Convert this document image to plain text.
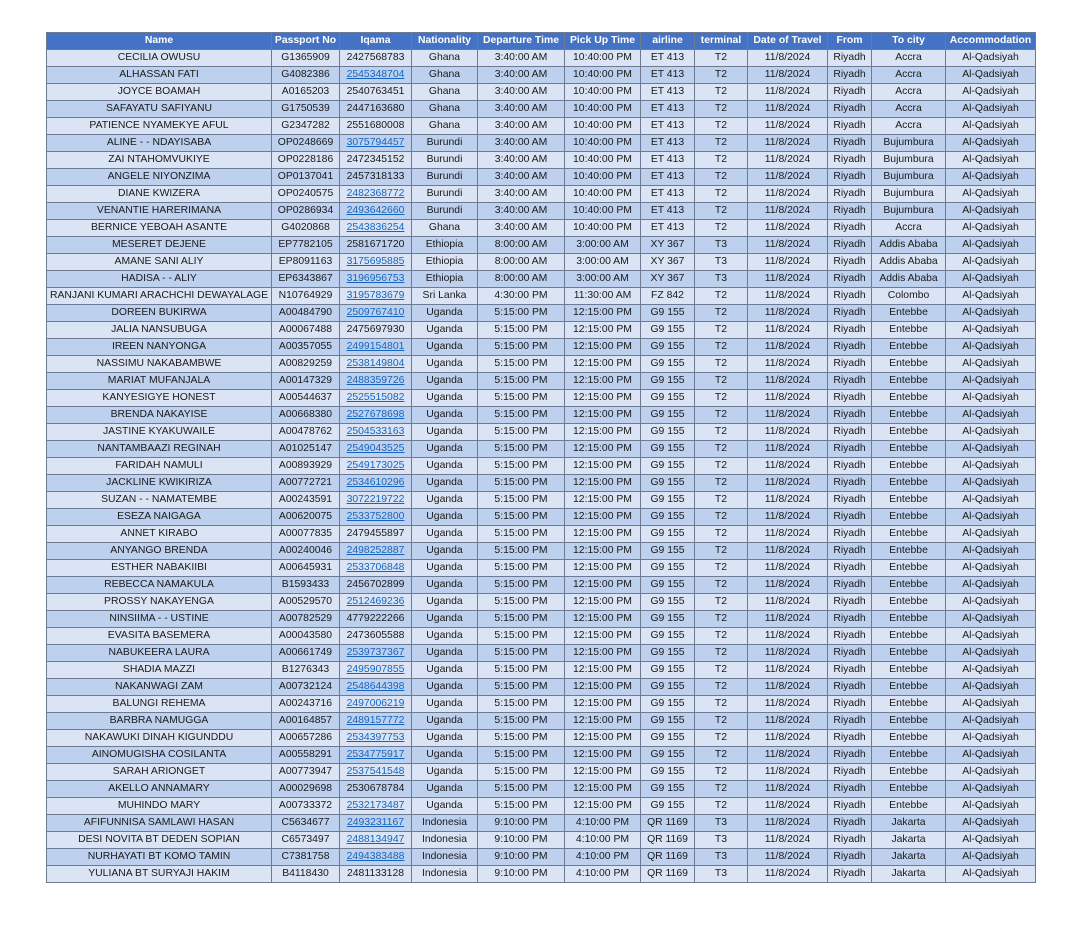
Name	Passport No	Iqama	Nationality	Departure Time	Pick Up Time	airline	terminal	Date of Travel	From	To city	Accommodation
CECILIA OWUSU	G1365909	2427568783	Ghana	3:40:00 AM	10:40:00 PM	ET 413	T2	11/8/2024	Riyadh	Accra	Al-Qadsiyah
ALHASSAN FATI	G4082386	2545348704	Ghana	3:40:00 AM	10:40:00 PM	ET 413	T2	11/8/2024	Riyadh	Accra	Al-Qadsiyah
JOYCE BOAMAH	A0165203	2540763451	Ghana	3:40:00 AM	10:40:00 PM	ET 413	T2	11/8/2024	Riyadh	Accra	Al-Qadsiyah
SAFAYATU SAFIYANU	G1750539	2447163680	Ghana	3:40:00 AM	10:40:00 PM	ET 413	T2	11/8/2024	Riyadh	Accra	Al-Qadsiyah
PATIENCE NYAMEKYE AFUL	G2347282	2551680008	Ghana	3:40:00 AM	10:40:00 PM	ET 413	T2	11/8/2024	Riyadh	Accra	Al-Qadsiyah
ALINE - - NDAYISABA	OP0248669	3075794457	Burundi	3:40:00 AM	10:40:00 PM	ET 413	T2	11/8/2024	Riyadh	Bujumbura	Al-Qadsiyah
ZAI NTAHOMVUKIYE	OP0228186	2472345152	Burundi	3:40:00 AM	10:40:00 PM	ET 413	T2	11/8/2024	Riyadh	Bujumbura	Al-Qadsiyah
ANGELE NIYONZIMA	OP0137041	2457318133	Burundi	3:40:00 AM	10:40:00 PM	ET 413	T2	11/8/2024	Riyadh	Bujumbura	Al-Qadsiyah
DIANE KWIZERA	OP0240575	2482368772	Burundi	3:40:00 AM	10:40:00 PM	ET 413	T2	11/8/2024	Riyadh	Bujumbura	Al-Qadsiyah
VENANTIE HARERIMANA	OP0286934	2493642660	Burundi	3:40:00 AM	10:40:00 PM	ET 413	T2	11/8/2024	Riyadh	Bujumbura	Al-Qadsiyah
BERNICE YEBOAH ASANTE	G4020868	2543836254	Ghana	3:40:00 AM	10:40:00 PM	ET 413	T2	11/8/2024	Riyadh	Accra	Al-Qadsiyah
MESERET DEJENE	EP7782105	2581671720	Ethiopia	8:00:00 AM	3:00:00 AM	XY 367	T3	11/8/2024	Riyadh	Addis Ababa	Al-Qadsiyah
AMANE SANI ALIY	EP8091163	3175695885	Ethiopia	8:00:00 AM	3:00:00 AM	XY 367	T3	11/8/2024	Riyadh	Addis Ababa	Al-Qadsiyah
HADISA - - ALIY	EP6343867	3196956753	Ethiopia	8:00:00 AM	3:00:00 AM	XY 367	T3	11/8/2024	Riyadh	Addis Ababa	Al-Qadsiyah
RANJANI KUMARI ARACHCHI DEWAYALAGE	N10764929	3195783679	Sri Lanka	4:30:00 PM	11:30:00 AM	FZ 842	T2	11/8/2024	Riyadh	Colombo	Al-Qadsiyah
DOREEN BUKIRWA	A00484790	2509767410	Uganda	5:15:00 PM	12:15:00 PM	G9 155	T2	11/8/2024	Riyadh	Entebbe	Al-Qadsiyah
JALIA NANSUBUGA	A00067488	2475697930	Uganda	5:15:00 PM	12:15:00 PM	G9 155	T2	11/8/2024	Riyadh	Entebbe	Al-Qadsiyah
IREEN NANYONGA	A00357055	2499154801	Uganda	5:15:00 PM	12:15:00 PM	G9 155	T2	11/8/2024	Riyadh	Entebbe	Al-Qadsiyah
NASSIMU NAKABAMBWE	A00829259	2538149804	Uganda	5:15:00 PM	12:15:00 PM	G9 155	T2	11/8/2024	Riyadh	Entebbe	Al-Qadsiyah
MARIAT MUFANJALA	A00147329	2488359726	Uganda	5:15:00 PM	12:15:00 PM	G9 155	T2	11/8/2024	Riyadh	Entebbe	Al-Qadsiyah
KANYESIGYE HONEST	A00544637	2525515082	Uganda	5:15:00 PM	12:15:00 PM	G9 155	T2	11/8/2024	Riyadh	Entebbe	Al-Qadsiyah
BRENDA NAKAYISE	A00668380	2527678698	Uganda	5:15:00 PM	12:15:00 PM	G9 155	T2	11/8/2024	Riyadh	Entebbe	Al-Qadsiyah
JASTINE KYAKUWAILE	A00478762	2504533163	Uganda	5:15:00 PM	12:15:00 PM	G9 155	T2	11/8/2024	Riyadh	Entebbe	Al-Qadsiyah
NANTAMBAAZI REGINAH	A01025147	2549043525	Uganda	5:15:00 PM	12:15:00 PM	G9 155	T2	11/8/2024	Riyadh	Entebbe	Al-Qadsiyah
FARIDAH NAMULI	A00893929	2549173025	Uganda	5:15:00 PM	12:15:00 PM	G9 155	T2	11/8/2024	Riyadh	Entebbe	Al-Qadsiyah
JACKLINE KWIKIRIZA	A00772721	2534610296	Uganda	5:15:00 PM	12:15:00 PM	G9 155	T2	11/8/2024	Riyadh	Entebbe	Al-Qadsiyah
SUZAN - - NAMATEMBE	A00243591	3072219722	Uganda	5:15:00 PM	12:15:00 PM	G9 155	T2	11/8/2024	Riyadh	Entebbe	Al-Qadsiyah
ESEZA NAIGAGA	A00620075	2533752800	Uganda	5:15:00 PM	12:15:00 PM	G9 155	T2	11/8/2024	Riyadh	Entebbe	Al-Qadsiyah
ANNET KIRABO	A00077835	2479455897	Uganda	5:15:00 PM	12:15:00 PM	G9 155	T2	11/8/2024	Riyadh	Entebbe	Al-Qadsiyah
ANYANGO BRENDA	A00240046	2498252887	Uganda	5:15:00 PM	12:15:00 PM	G9 155	T2	11/8/2024	Riyadh	Entebbe	Al-Qadsiyah
ESTHER NABAKIIBI	A00645931	2533706848	Uganda	5:15:00 PM	12:15:00 PM	G9 155	T2	11/8/2024	Riyadh	Entebbe	Al-Qadsiyah
REBECCA NAMAKULA	B1593433	2456702899	Uganda	5:15:00 PM	12:15:00 PM	G9 155	T2	11/8/2024	Riyadh	Entebbe	Al-Qadsiyah
PROSSY NAKAYENGA	A00529570	2512469236	Uganda	5:15:00 PM	12:15:00 PM	G9 155	T2	11/8/2024	Riyadh	Entebbe	Al-Qadsiyah
NINSIIMA - - USTINE	A00782529	4779222266	Uganda	5:15:00 PM	12:15:00 PM	G9 155	T2	11/8/2024	Riyadh	Entebbe	Al-Qadsiyah
EVASITA BASEMERA	A00043580	2473605588	Uganda	5:15:00 PM	12:15:00 PM	G9 155	T2	11/8/2024	Riyadh	Entebbe	Al-Qadsiyah
NABUKEERA LAURA	A00661749	2539737367	Uganda	5:15:00 PM	12:15:00 PM	G9 155	T2	11/8/2024	Riyadh	Entebbe	Al-Qadsiyah
SHADIA MAZZI	B1276343	2495907855	Uganda	5:15:00 PM	12:15:00 PM	G9 155	T2	11/8/2024	Riyadh	Entebbe	Al-Qadsiyah
NAKANWAGI ZAM	A00732124	2548644398	Uganda	5:15:00 PM	12:15:00 PM	G9 155	T2	11/8/2024	Riyadh	Entebbe	Al-Qadsiyah
BALUNGI REHEMA	A00243716	2497006219	Uganda	5:15:00 PM	12:15:00 PM	G9 155	T2	11/8/2024	Riyadh	Entebbe	Al-Qadsiyah
BARBRA NAMUGGA	A00164857	2489157772	Uganda	5:15:00 PM	12:15:00 PM	G9 155	T2	11/8/2024	Riyadh	Entebbe	Al-Qadsiyah
NAKAWUKI DINAH KIGUNDDU	A00657286	2534397753	Uganda	5:15:00 PM	12:15:00 PM	G9 155	T2	11/8/2024	Riyadh	Entebbe	Al-Qadsiyah
AINOMUGISHA COSILANTA	A00558291	2534775917	Uganda	5:15:00 PM	12:15:00 PM	G9 155	T2	11/8/2024	Riyadh	Entebbe	Al-Qadsiyah
SARAH ARIONGET	A00773947	2537541548	Uganda	5:15:00 PM	12:15:00 PM	G9 155	T2	11/8/2024	Riyadh	Entebbe	Al-Qadsiyah
AKELLO ANNAMARY	A00029698	2530678784	Uganda	5:15:00 PM	12:15:00 PM	G9 155	T2	11/8/2024	Riyadh	Entebbe	Al-Qadsiyah
MUHINDO MARY	A00733372	2532173487	Uganda	5:15:00 PM	12:15:00 PM	G9 155	T2	11/8/2024	Riyadh	Entebbe	Al-Qadsiyah
AFIFUNNISA SAMLAWI HASAN	C5634677	2493231167	Indonesia	9:10:00 PM	4:10:00 PM	QR 1169	T3	11/8/2024	Riyadh	Jakarta	Al-Qadsiyah
DESI NOVITA BT DEDEN SOPIAN	C6573497	2488134947	Indonesia	9:10:00 PM	4:10:00 PM	QR 1169	T3	11/8/2024	Riyadh	Jakarta	Al-Qadsiyah
NURHAYATI BT KOMO TAMIN	C7381758	2494383488	Indonesia	9:10:00 PM	4:10:00 PM	QR 1169	T3	11/8/2024	Riyadh	Jakarta	Al-Qadsiyah
YULIANA BT SURYAJI HAKIM	B4118430	2481133128	Indonesia	9:10:00 PM	4:10:00 PM	QR 1169	T3	11/8/2024	Riyadh	Jakarta	Al-Qadsiyah
